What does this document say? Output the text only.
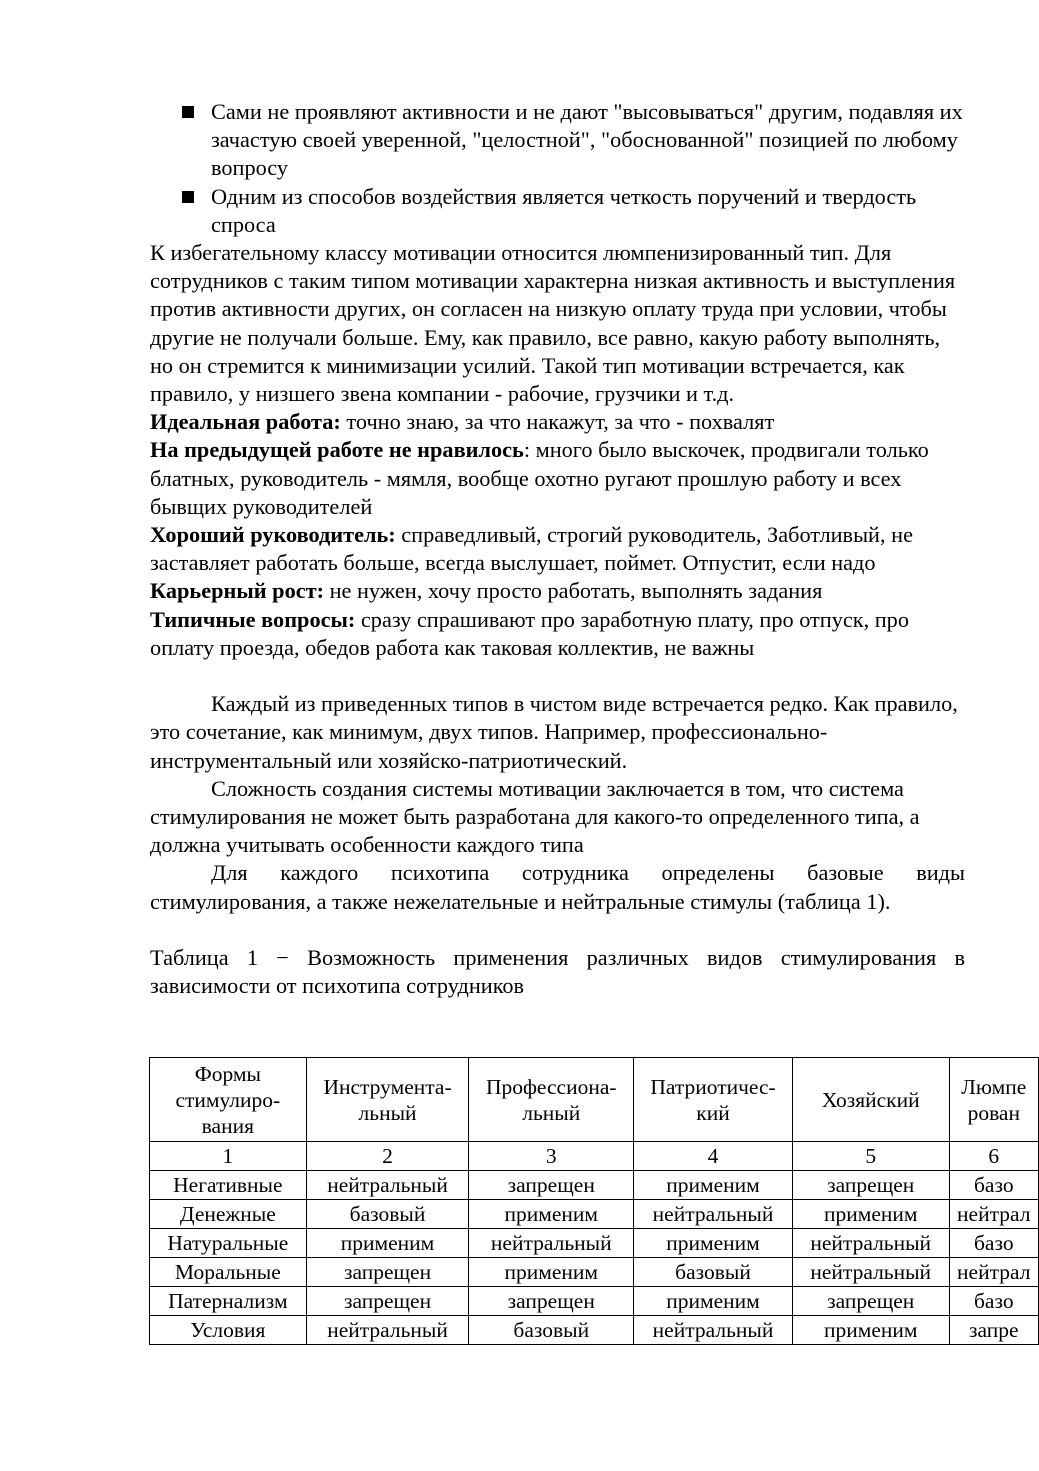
Сами не проявляют активности и не дают "высовываться" другим, подавляя их зачастую своей уверенной, "целостной", "обоснованной" позицией по любому вопросу
Одним из способов воздействия является четкость поручений и твердость спроса

К избегательному классу мотивации относится люмпенизированный тип. Для сотрудников с таким типом мотивации характерна низкая активность и выступления против активности других, он согласен на низкую оплату труда при условии, чтобы другие не получали больше. Ему, как правило, все равно, какую работу выполнять, но он стремится к минимизации усилий. Такой тип мотивации встречается, как правило, у низшего звена компании - рабочие, грузчики и т.д.

Идеальная работа: точно знаю, за что накажут, за что - похвалят

На предыдущей работе не нравилось: много было выскочек, продвигали только блатных, руководитель - мямля, вообще охотно ругают прошлую работу и всех бывщих руководителей

Хороший руководитель: справедливый, строгий руководитель, Заботливый, не заставляет работать больше, всегда выслушает, поймет. Отпустит, если надо

Карьерный рост: не нужен, хочу просто работать, выполнять задания

Типичные вопросы: сразу спрашивают про заработную плату, про отпуск, про оплату проезда, обедов работа как таковая коллектив, не важны

Каждый из приведенных типов в чистом виде встречается редко. Как правило, это сочетание, как минимум, двух типов. Например, профессионально-инструментальный или хозяйско-патриотический.

Сложность создания системы мотивации заключается в том, что система стимулирования не может быть разработана для какого-то определенного типа, а должна учитывать особенности каждого типа

Для каждого психотипа сотрудника определены базовые виды стимулирования, а также нежелательные и нейтральные стимулы (таблица 1).

Таблица 1 − Возможность применения различных видов стимулирования в зависимости от психотипа сотрудников

Формы стимулиро-вания	Инструмента-льный	Профессиона-льный	Патриотичес-кий	Хозяйский	Люмпе рован
1	2	3	4	5	6
Негативные	нейтральный	запрещен	применим	запрещен	базо
Денежные	базовый	применим	нейтральный	применим	нейтрал
Натуральные	применим	нейтральный	применим	нейтральный	базо
Моральные	запрещен	применим	базовый	нейтральный	нейтрал
Патернализм	запрещен	запрещен	применим	запрещен	базо
Условия	нейтральный	базовый	нейтральный	применим	запре
